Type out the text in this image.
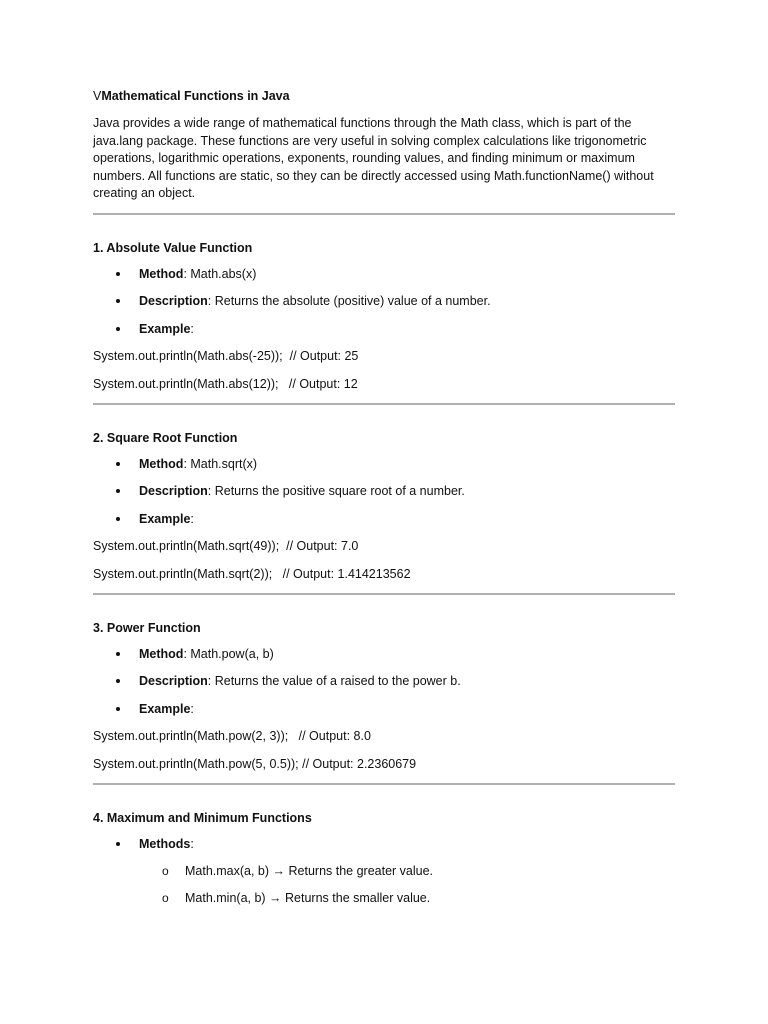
VMathematical Functions in Java

Java provides a wide range of mathematical functions through the Math class, which is part of the java.lang package. These functions are very useful in solving complex calculations like trigonometric operations, logarithmic operations, exponents, rounding values, and finding minimum or maximum numbers. All functions are static, so they can be directly accessed using Math.functionName() without creating an object.

1. Absolute Value Function

Method: Math.abs(x)
Description: Returns the absolute (positive) value of a number.
Example:

System.out.println(Math.abs(-25));  // Output: 25

System.out.println(Math.abs(12));   // Output: 12

2. Square Root Function

Method: Math.sqrt(x)
Description: Returns the positive square root of a number.
Example:

System.out.println(Math.sqrt(49));  // Output: 7.0

System.out.println(Math.sqrt(2));   // Output: 1.414213562

3. Power Function

Method: Math.pow(a, b)
Description: Returns the value of a raised to the power b.
Example:

System.out.println(Math.pow(2, 3));   // Output: 8.0

System.out.println(Math.pow(5, 0.5)); // Output: 2.2360679

4. Maximum and Minimum Functions

Methods:
o Math.max(a, b) → Returns the greater value.
o Math.min(a, b) → Returns the smaller value.
